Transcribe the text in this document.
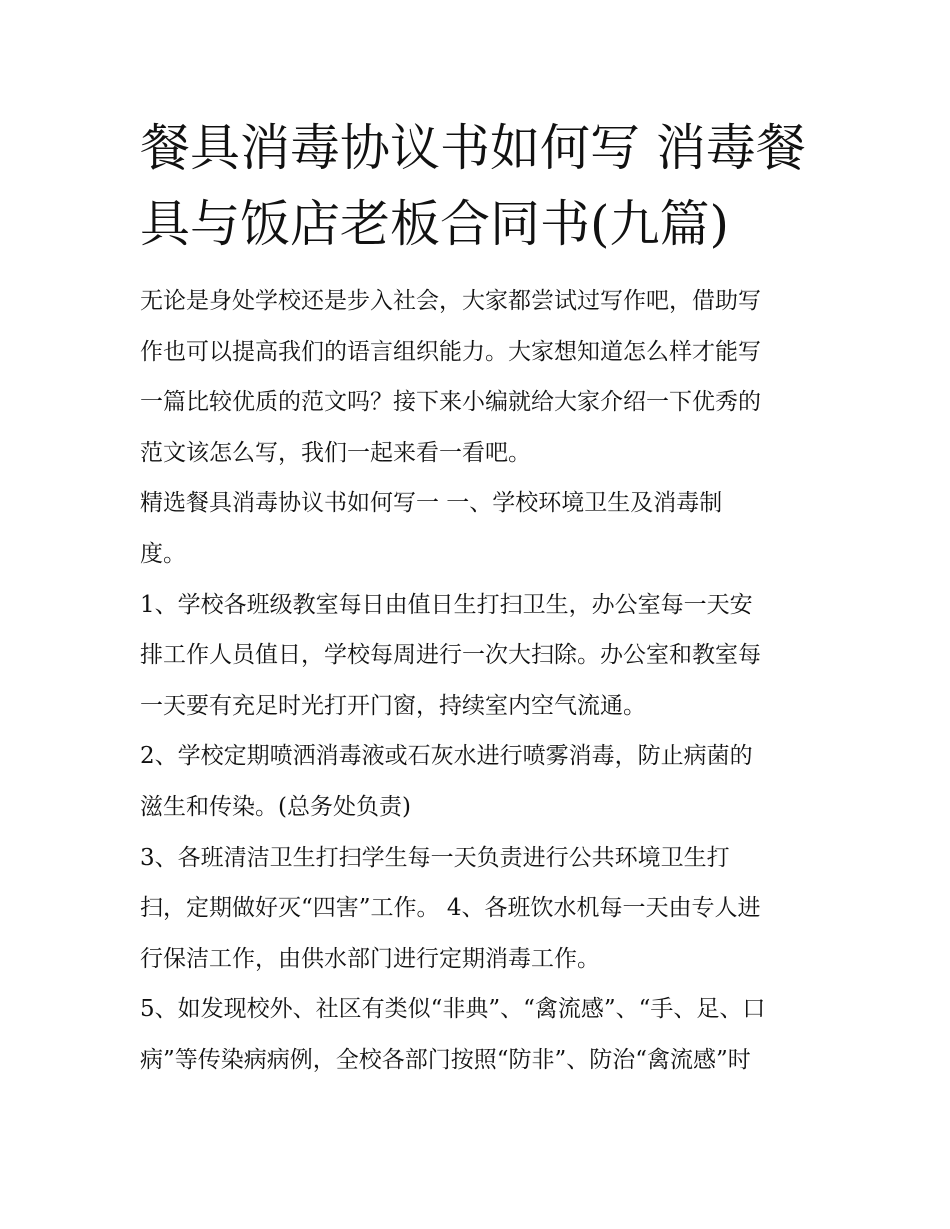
餐具消毒协议书如何写 消毒餐
具与饭店老板合同书(九篇)
无论是身处学校还是步入社会，大家都尝试过写作吧，借助写
作也可以提高我们的语言组织能力。大家想知道怎么样才能写
一篇比较优质的范文吗？接下来小编就给大家介绍一下优秀的
范文该怎么写，我们一起来看一看吧。
精选餐具消毒协议书如何写一 一、学校环境卫生及消毒制
度。
1、学校各班级教室每日由值日生打扫卫生，办公室每一天安
排工作人员值日，学校每周进行一次大扫除。办公室和教室每
一天要有充足时光打开门窗，持续室内空气流通。
2、学校定期喷洒消毒液或石灰水进行喷雾消毒，防止病菌的
滋生和传染。(总务处负责)
3、各班清洁卫生打扫学生每一天负责进行公共环境卫生打
扫，定期做好灭“四害”工作。 4、各班饮水机每一天由专人进
行保洁工作，由供水部门进行定期消毒工作。
5、如发现校外、社区有类似“非典”、“禽流感”、“手、足、口
病”等传染病病例，全校各部门按照“防非”、防治“禽流感”时
